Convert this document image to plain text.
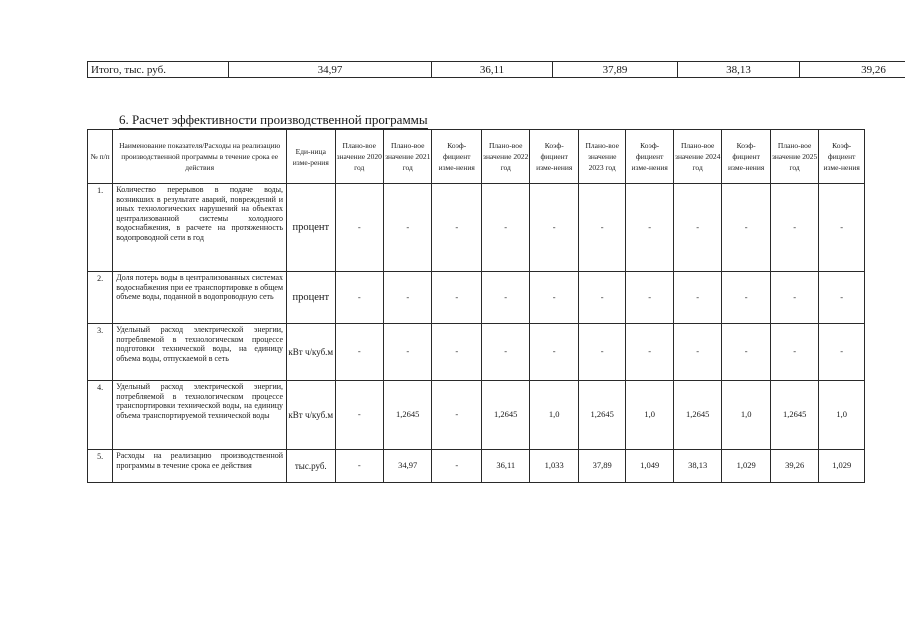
Итого, тыс. руб.	34,97	36,11	37,89	38,13	39,26
6. Расчет эффективности производственной программы
№ п/п	Наименование показателя/Расходы на реализацию производственной программы в течение срока ее действия	Еди-ница изме-рения	Плано-вое значение 2020 год	Плано-вое значение 2021 год	Коэф-фициент изме-нения	Плано-вое значение 2022 год	Коэф-фициент изме-нения	Плано-вое значение 2023 год	Коэф-фициент изме-нения	Плано-вое значение 2024 год	Коэф-фициент изме-нения	Плано-вое значение 2025 год	Коэф-фициент изме-нения
1.	Количество перерывов в подаче воды, возникших в результате аварий, повреждений и иных технологических нарушений на объектах централизованной системы холодного водоснабжения, в расчете на протяженность водопроводной сети в год	процент	-	-	-	-	-	-	-	-	-	-	-
2.	Доля потерь воды в централизованных системах водоснабжения при ее транспортировке в общем объеме воды, поданной в водопроводную сеть	процент	-	-	-	-	-	-	-	-	-	-	-
3.	Удельный расход электрической энергии, потребляемой в технологическом процессе подготовки технической воды, на единицу объема воды, отпускаемой в сеть	кВт ч/куб.м	-	-	-	-	-	-	-	-	-	-	-
4.	Удельный расход электрической энергии, потребляемой в технологическом процессе транспортировки технической воды, на единицу объема транспортируемой технической воды	кВт ч/куб.м	-	1,2645	-	1,2645	1,0	1,2645	1,0	1,2645	1,0	1,2645	1,0
5.	Расходы на реализацию производственной программы в течение срока ее действия	тыс.руб.	-	34,97	-	36,11	1,033	37,89	1,049	38,13	1,029	39,26	1,029
